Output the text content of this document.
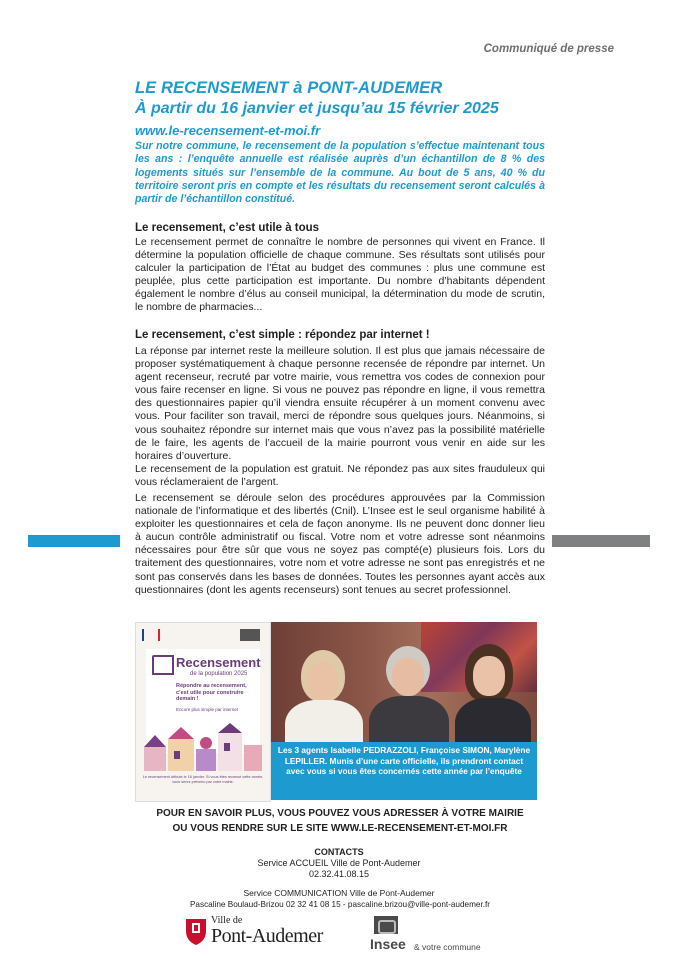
Communiqué de presse
LE RECENSEMENT à PONT-AUDEMER
À partir du 16 janvier et jusqu’au 15 février 2025
www.le-recensement-et-moi.fr
Sur notre commune, le recensement de la population s’effectue maintenant tous les ans : l’enquête annuelle est réalisée auprès d’un échantillon de 8 % des logements situés sur l’ensemble de la commune. Au bout de 5 ans, 40 % du territoire seront pris en compte et les résultats du recensement seront calculés à partir de l’échantillon constitué.
Le recensement, c’est utile à tous

Le recensement permet de connaître le nombre de personnes qui vivent en France. Il détermine la population officielle de chaque commune. Ses résultats sont utilisés pour calculer la participation de l’État au budget des communes : plus une commune est peuplée, plus cette participation est importante. Du nombre d’habitants dépendent également le nombre d’élus au conseil municipal, la détermination du mode de scrutin, le nombre de pharmacies...

Le recensement, c’est simple : répondez par internet !

La réponse par internet reste la meilleure solution. Il est plus que jamais nécessaire de proposer systématiquement à chaque personne recensée de répondre par internet. Un agent recenseur, recruté par votre mairie, vous remettra vos codes de connexion pour vous faire recenser en ligne. Si vous ne pouvez pas répondre en ligne, il vous remettra des questionnaires papier qu’il viendra ensuite récupérer à un moment convenu avec vous. Pour faciliter son travail, merci de répondre sous quelques jours. Néanmoins, si vous souhaitez répondre sur internet mais que vous n’avez pas la possibilité matérielle de le faire, les agents de l’accueil de la mairie pourront vous venir en aide sur les horaires d’ouverture.

Le recensement de la population est gratuit. Ne répondez pas aux sites frauduleux qui vous réclameraient de l’argent.

Le recensement se déroule selon des procédures approuvées par la Commission nationale de l’informatique et des libertés (Cnil). L’Insee est le seul organisme habilité à exploiter les questionnaires et cela de façon anonyme. Ils ne peuvent donc donner lieu à aucun contrôle administratif ou fiscal. Votre nom et votre adresse sont néanmoins nécessaires pour être sûr que vous ne soyez pas compté(e) plusieurs fois. Lors du traitement des questionnaires, votre nom et votre adresse ne sont pas enregistrés et ne sont pas conservés dans les bases de données. Toutes les personnes ayant accès aux questionnaires (dont les agents recenseurs) sont tenues au secret professionnel.

Recensement
de la population 2025
Répondre au recensement, c’est utile pour construire demain !
Encore plus simple par internet
Le recensement débute le 16 janvier. Si vous êtes recensé cette année, vous serez prévenu par votre mairie.
Les 3 agents Isabelle PEDRAZZOLI, Françoise SIMON, Marylène LEPILLER. Munis d’une carte officielle, ils prendront contact avec vous si vous êtes concernés cette année par l’enquête
POUR EN SAVOIR PLUS, VOUS POUVEZ VOUS ADRESSER À VOTRE MAIRIE
OU VOUS RENDRE SUR LE SITE WWW.LE-RECENSEMENT-ET-MOI.FR
CONTACTS
Service ACCUEIL Ville de Pont-Audemer
02.32.41.08.15
Service COMMUNICATION Ville de Pont-Audemer
Pascaline Boulaud-Brizou 02 32 41 08 15 - pascaline.brizou@ville-pont-audemer.fr
Ville de
Pont-Audemer	Insee & votre commune
